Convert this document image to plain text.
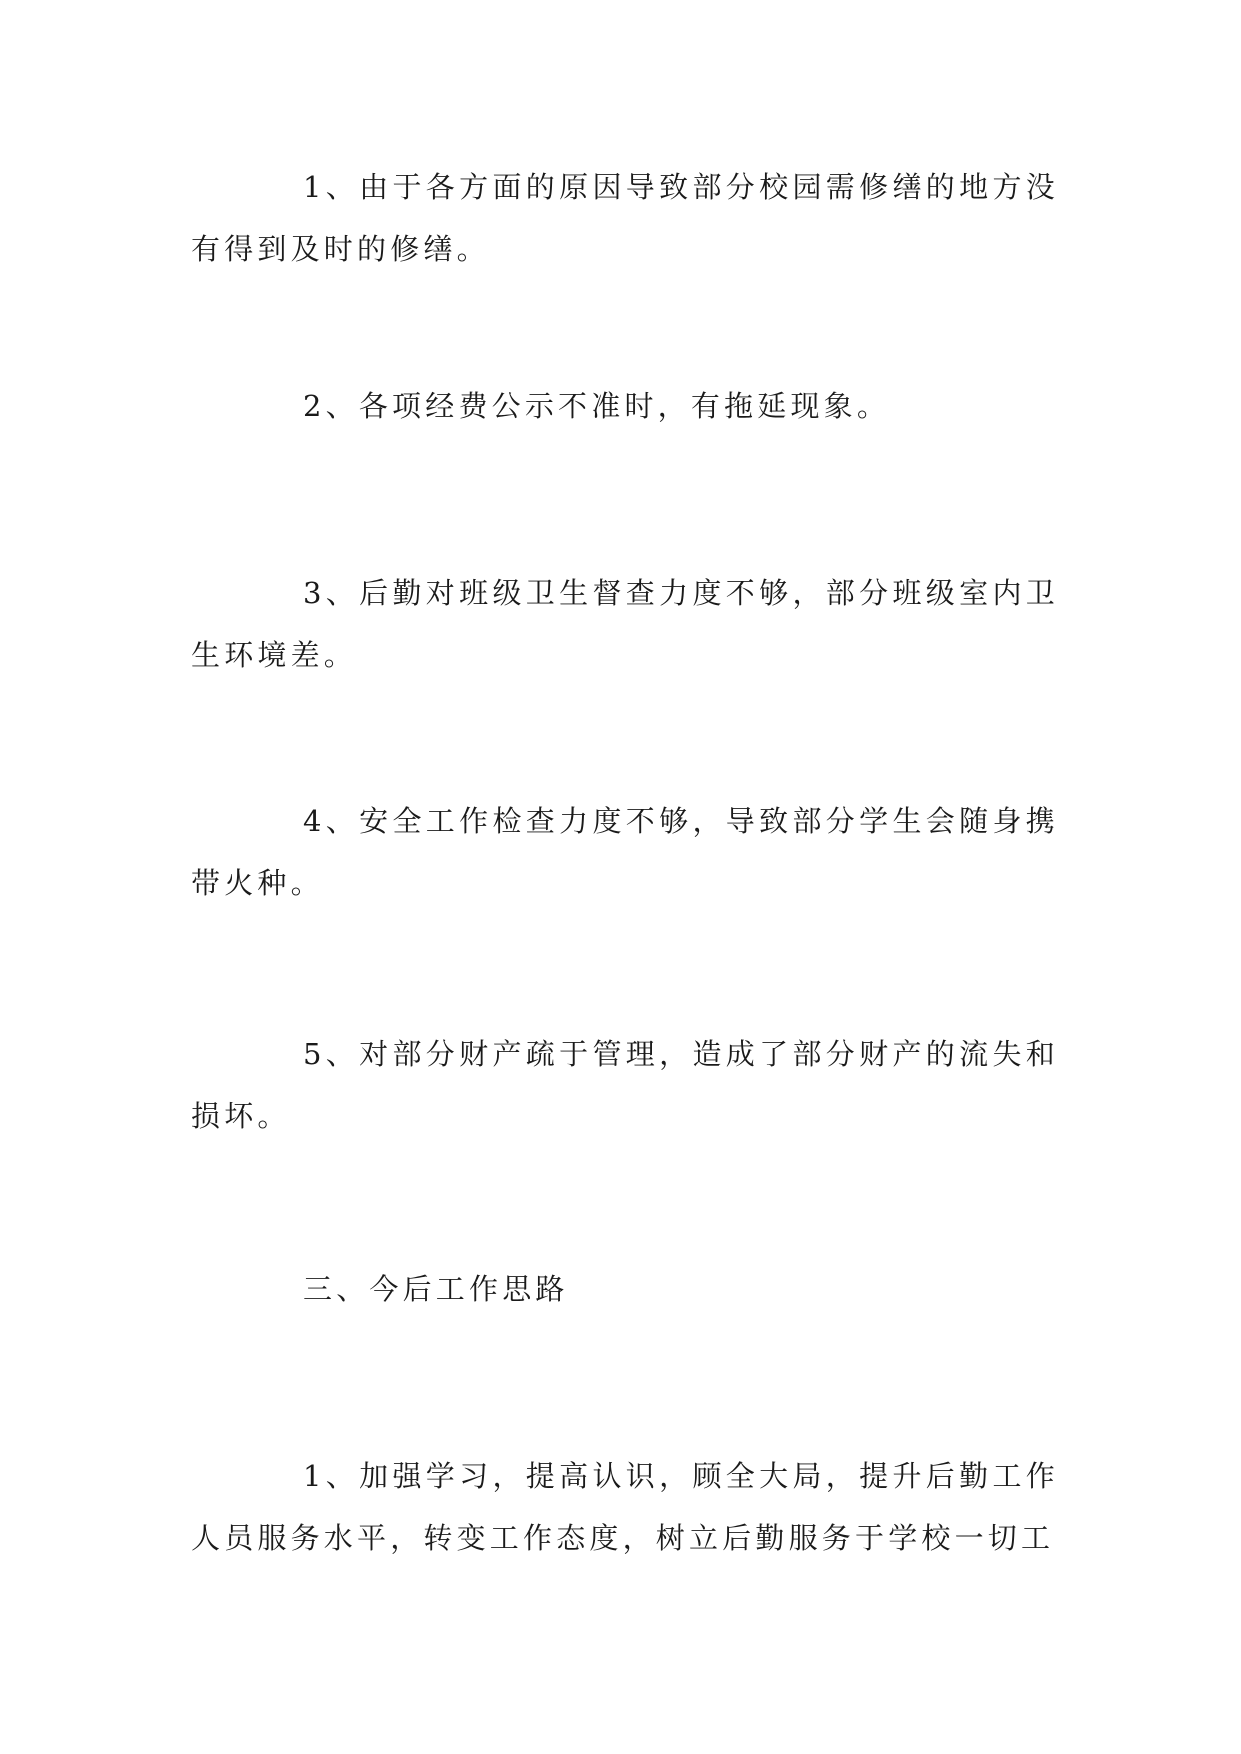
1、由于各方面的原因导致部分校园需修缮的地方没有得到及时的修缮。

2、各项经费公示不准时，有拖延现象。

3、后勤对班级卫生督查力度不够，部分班级室内卫生环境差。

4、安全工作检查力度不够，导致部分学生会随身携带火种。

5、对部分财产疏于管理，造成了部分财产的流失和损坏。

三、今后工作思路

1、加强学习，提高认识，顾全大局，提升后勤工作人员服务水平，转变工作态度，树立后勤服务于学校一切工
